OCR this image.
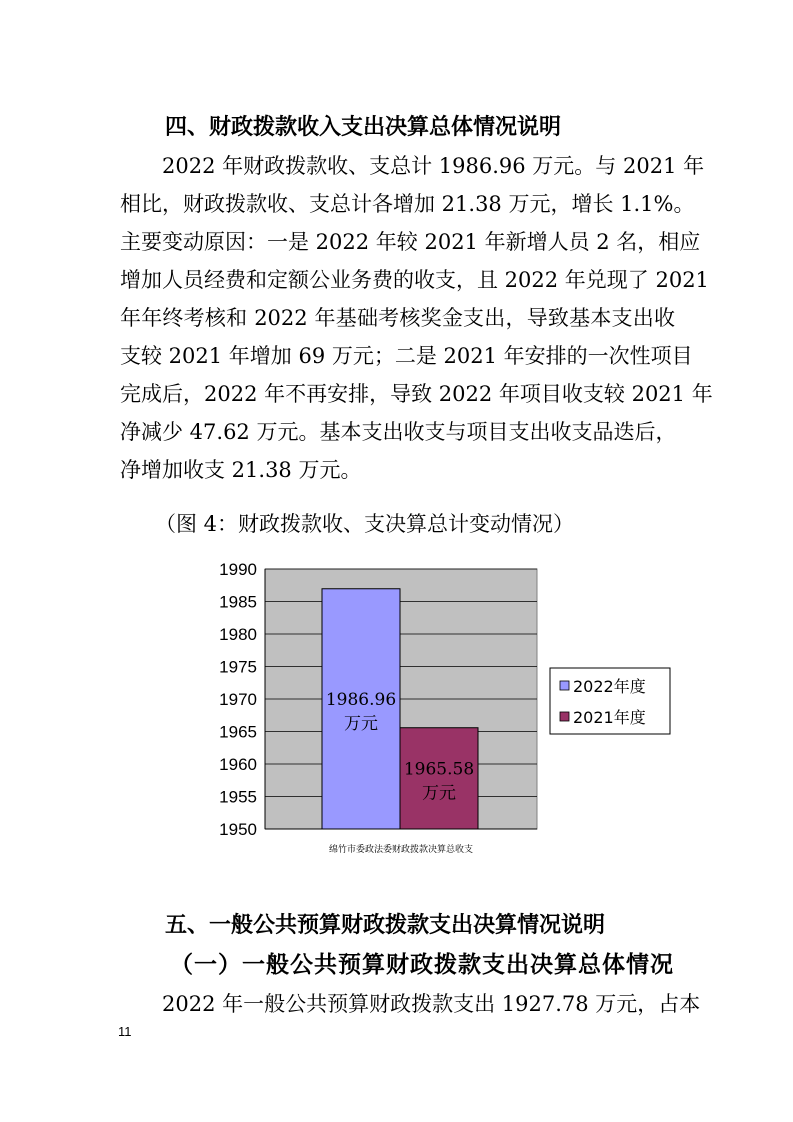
四、财政拨款收入支出决算总体情况说明
2022 年财政拨款收、支总计 1986.96 万元。与 2021 年
相比，财政拨款收、支总计各增加 21.38 万元，增长 1.1%。
主要变动原因：一是 2022 年较 2021 年新增人员 2 名，相应
增加人员经费和定额公业务费的收支，且 2022 年兑现了 2021
年年终考核和 2022 年基础考核奖金支出，导致基本支出收
支较 2021 年增加 69 万元；二是 2021 年安排的一次性项目
完成后，2022 年不再安排，导致 2022 年项目收支较 2021 年
净减少 47.62 万元。基本支出收支与项目支出收支品迭后，
净增加收支 21.38 万元。
（图 4：财政拨款收、支决算总计变动情况）
1990
1985
1980
1975
1970
1965
1960
1955
1950
1986.96
万元
1965.58
万元
绵竹市委政法委财政拨款决算总收支
2022年度
2021年度
五、一般公共预算财政拨款支出决算情况说明
（一）一般公共预算财政拨款支出决算总体情况
2022 年一般公共预算财政拨款支出 1927.78 万元，占本
11
